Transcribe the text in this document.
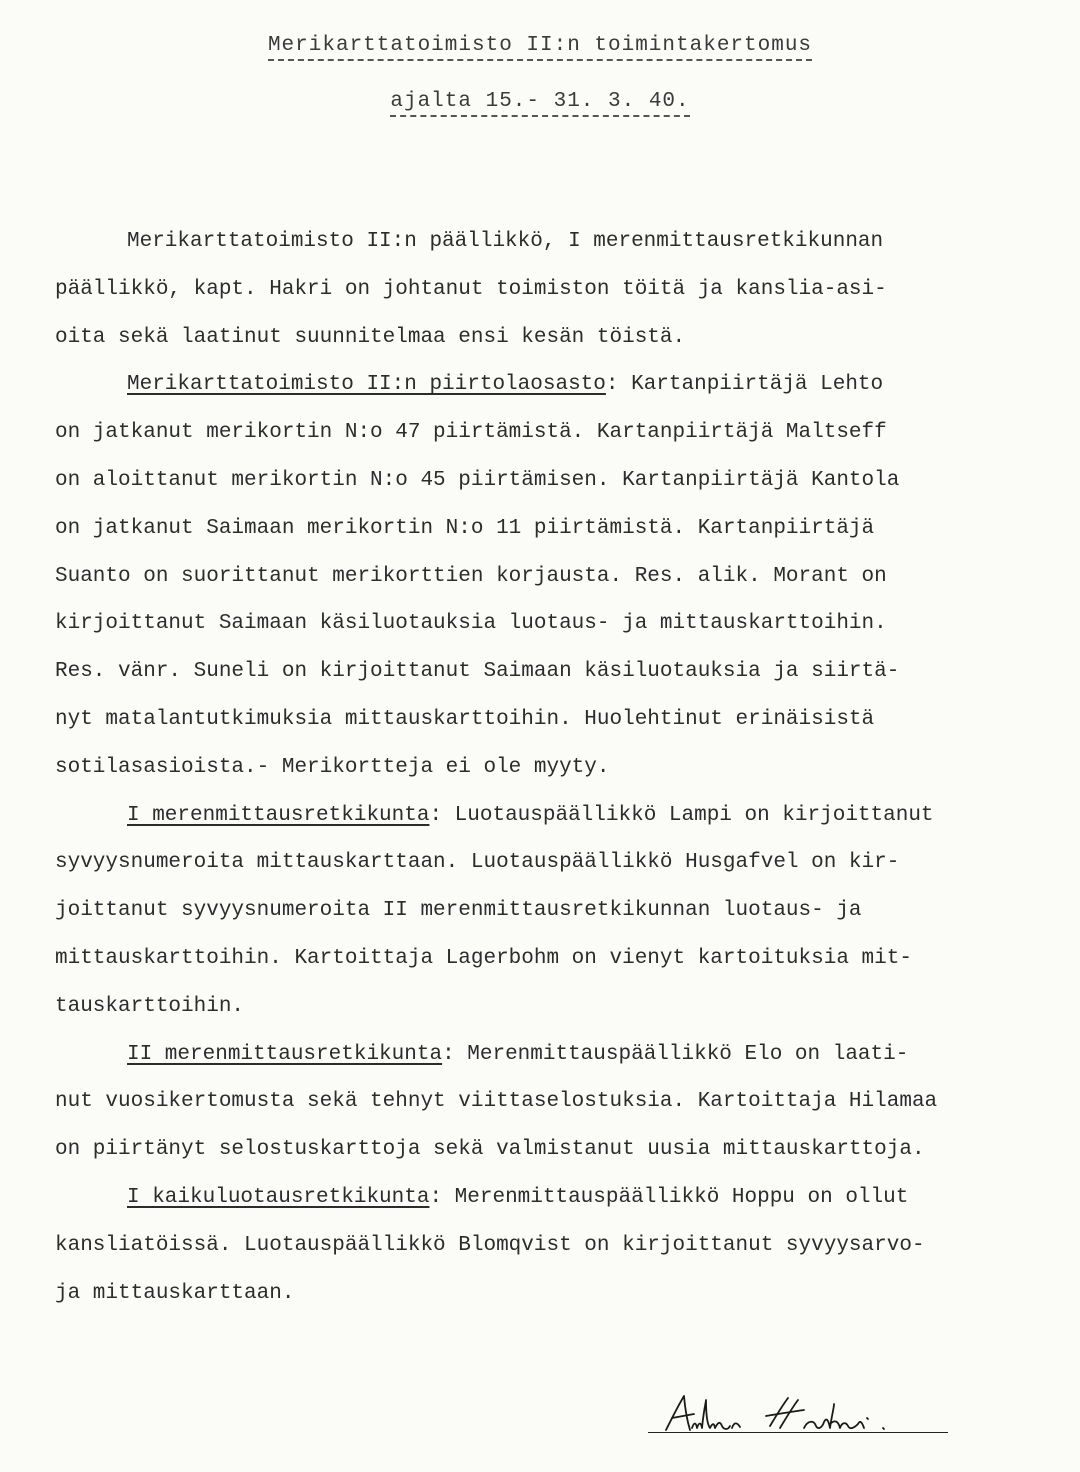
Merikarttatoimisto II:n toimintakertomus
ajalta 15.- 31. 3. 40.
Merikarttatoimisto II:n päällikkö, I merenmittausretkikunnan
päällikkö, kapt. Hakri on johtanut toimiston töitä ja kanslia-asi-
oita sekä laatinut suunnitelmaa ensi kesän töistä.
Merikarttatoimisto II:n piirtolaosasto: Kartanpiirtäjä Lehto
on jatkanut merikortin N:o 47 piirtämistä. Kartanpiirtäjä Maltseff
on aloittanut merikortin N:o 45 piirtämisen. Kartanpiirtäjä Kantola
on jatkanut Saimaan merikortin N:o 11 piirtämistä. Kartanpiirtäjä
Suanto on suorittanut merikorttien korjausta. Res. alik. Morant on
kirjoittanut Saimaan käsiluotauksia luotaus- ja mittauskarttoihin.
Res. vänr. Suneli on kirjoittanut Saimaan käsiluotauksia ja siirtä-
nyt matalantutkimuksia mittauskarttoihin. Huolehtinut erinäisistä
sotilasasioista.- Merikortteja ei ole myyty.
I merenmittausretkikunta: Luotauspäällikkö Lampi on kirjoittanut
syvyysnumeroita mittauskarttaan. Luotauspäällikkö Husgafvel on kir-
joittanut syvyysnumeroita II merenmittausretkikunnan luotaus- ja
mittauskarttoihin. Kartoittaja Lagerbohm on vienyt kartoituksia mit-
tauskarttoihin.
II merenmittausretkikunta: Merenmittauspäällikkö Elo on laati-
nut vuosikertomusta sekä tehnyt viittaselostuksia. Kartoittaja Hilamaa
on piirtänyt selostuskarttoja sekä valmistanut uusia mittauskarttoja.
I kaikuluotausretkikunta: Merenmittauspäällikkö Hoppu on ollut
kansliatöissä. Luotauspäällikkö Blomqvist on kirjoittanut syvyysarvo-
ja mittauskarttaan.
